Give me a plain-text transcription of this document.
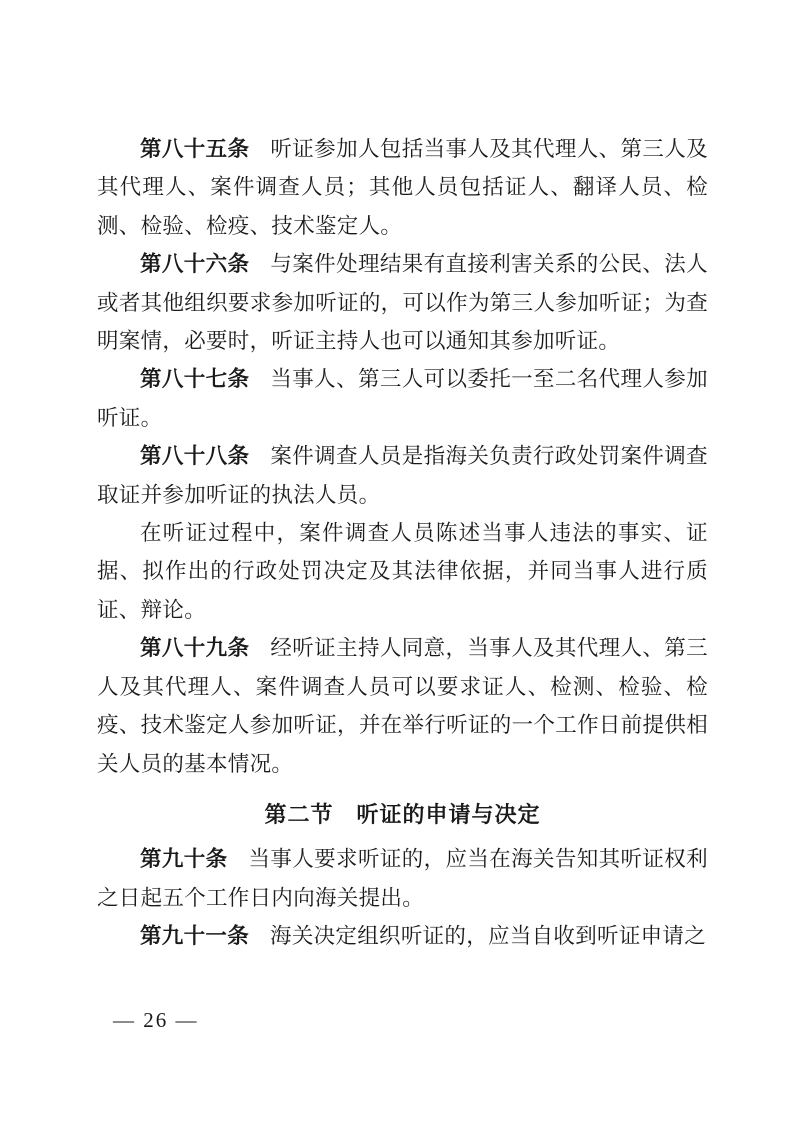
第八十五条 听证参加人包括当事人及其代理人、第三人及其代理人、案件调查人员；其他人员包括证人、翻译人员、检测、检验、检疫、技术鉴定人。

第八十六条 与案件处理结果有直接利害关系的公民、法人或者其他组织要求参加听证的，可以作为第三人参加听证；为查明案情，必要时，听证主持人也可以通知其参加听证。

第八十七条 当事人、第三人可以委托一至二名代理人参加听证。

第八十八条 案件调查人员是指海关负责行政处罚案件调查取证并参加听证的执法人员。

在听证过程中，案件调查人员陈述当事人违法的事实、证据、拟作出的行政处罚决定及其法律依据，并同当事人进行质证、辩论。

第八十九条 经听证主持人同意，当事人及其代理人、第三人及其代理人、案件调查人员可以要求证人、检测、检验、检疫、技术鉴定人参加听证，并在举行听证的一个工作日前提供相关人员的基本情况。

第二节　听证的申请与决定

第九十条 当事人要求听证的，应当在海关告知其听证权利之日起五个工作日内向海关提出。

第九十一条 海关决定组织听证的，应当自收到听证申请之

— 26 —
